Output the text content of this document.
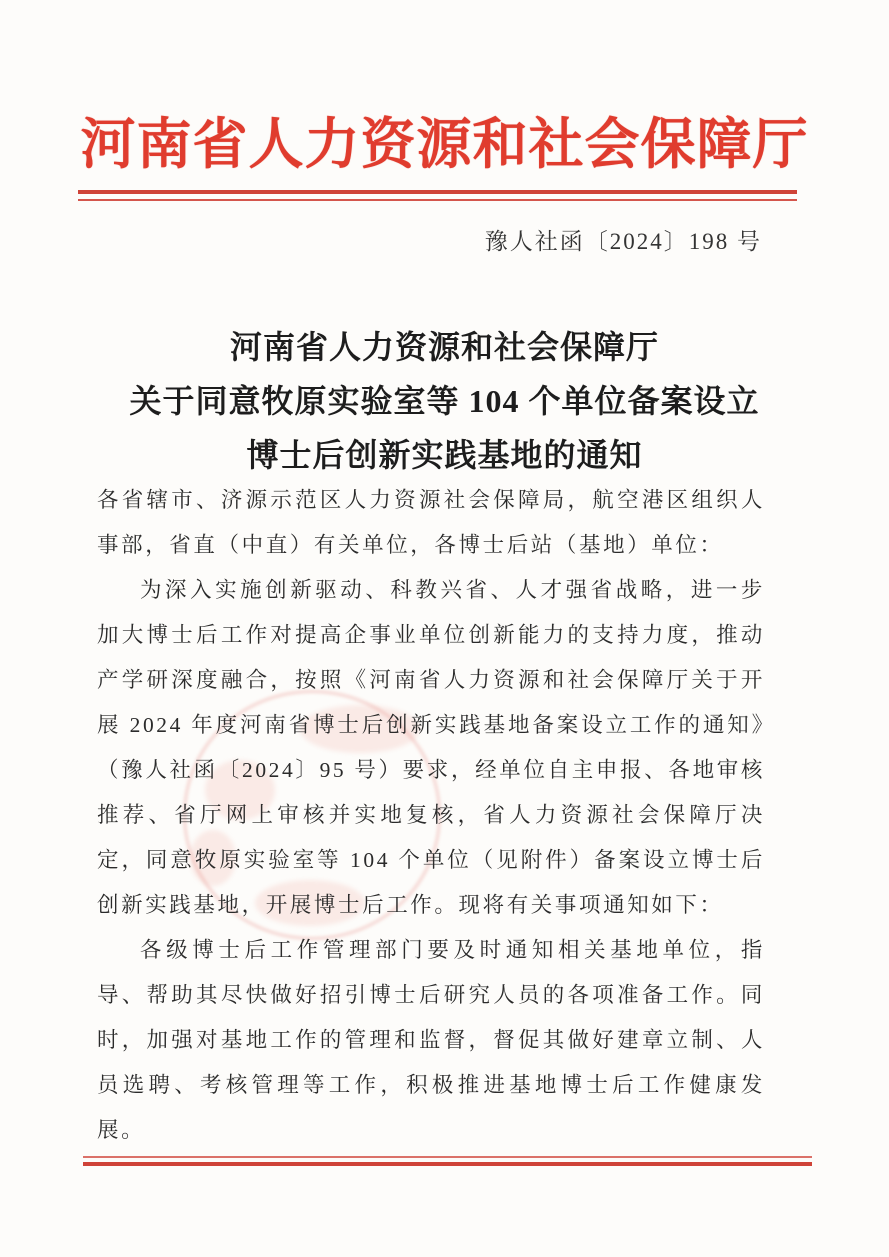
河南省人力资源和社会保障厅
豫人社函〔2024〕198 号
河南省人力资源和社会保障厅
关于同意牧原实验室等 104 个单位备案设立
博士后创新实践基地的通知

各省辖市、济源示范区人力资源社会保障局，航空港区组织人事部，省直（中直）有关单位，各博士后站（基地）单位：

为深入实施创新驱动、科教兴省、人才强省战略，进一步加大博士后工作对提高企事业单位创新能力的支持力度，推动产学研深度融合，按照《河南省人力资源和社会保障厅关于开展 2024 年度河南省博士后创新实践基地备案设立工作的通知》（豫人社函〔2024〕95 号）要求，经单位自主申报、各地审核推荐、省厅网上审核并实地复核，省人力资源社会保障厅决定，同意牧原实验室等 104 个单位（见附件）备案设立博士后创新实践基地，开展博士后工作。现将有关事项通知如下：

各级博士后工作管理部门要及时通知相关基地单位，指导、帮助其尽快做好招引博士后研究人员的各项准备工作。同时，加强对基地工作的管理和监督，督促其做好建章立制、人员选聘、考核管理等工作，积极推进基地博士后工作健康发展。
